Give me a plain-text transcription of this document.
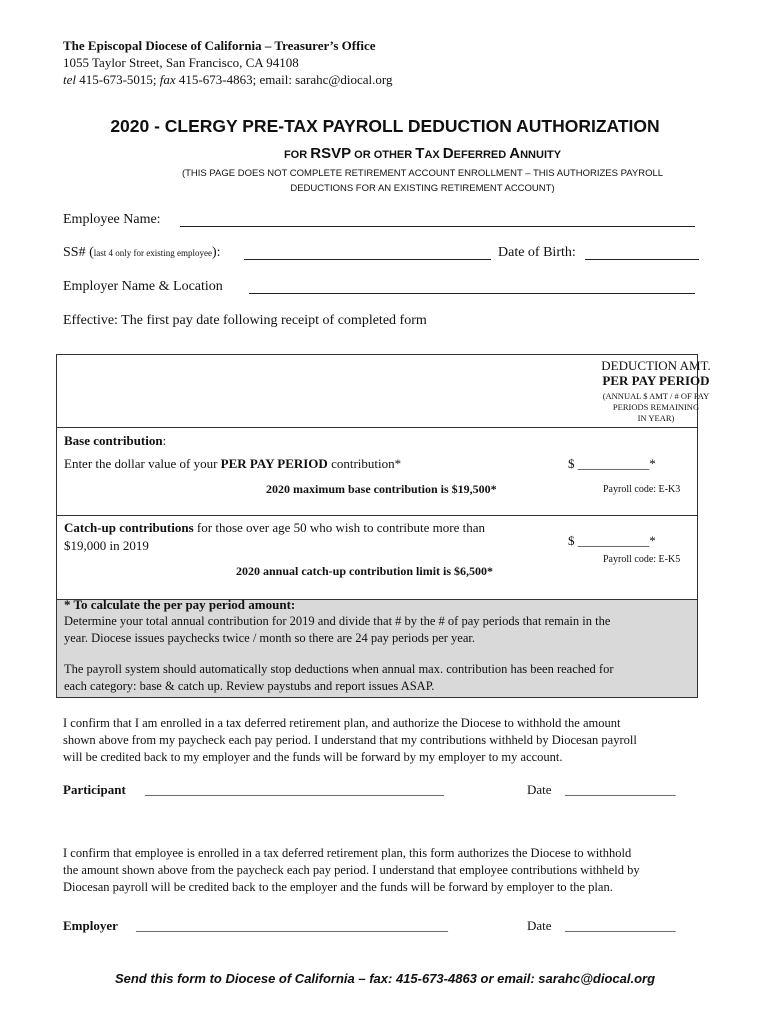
The Episcopal Diocese of California – Treasurer’s Office
1055 Taylor Street, San Francisco, CA 94108
tel 415-673-5015; fax 415-673-4863; email: sarahc@diocal.org
2020 - CLERGY PRE-TAX PAYROLL DEDUCTION AUTHORIZATION
FOR RSVP OR OTHER TAX DEFERRED ANNUITY
(THIS PAGE DOES NOT COMPLETE RETIREMENT ACCOUNT ENROLLMENT – THIS AUTHORIZES PAYROLL
DEDUCTIONS FOR AN EXISTING RETIREMENT ACCOUNT)
Employee Name:
SS# (last 4 only for existing employee):	Date of Birth:
Employer Name & Location
Effective: The first pay date following receipt of completed form
DEDUCTION AMT.
PER PAY PERIOD
(ANNUAL $ AMT / # OF PAY
PERIODS REMAINING
IN YEAR)
Base contribution:
Enter the dollar value of your PER PAY PERIOD contribution*	$ ___________*
2020 maximum base contribution is $19,500*	Payroll code: E-K3
Catch-up contributions for those over age 50 who wish to contribute more than
$19,000 in 2019	$ ___________*
Payroll code: E-K5
2020 annual catch-up contribution limit is $6,500*
* To calculate the per pay period amount:
Determine your total annual contribution for 2019 and divide that # by the # of pay periods that remain in the
year. Diocese issues paychecks twice / month so there are 24 pay periods per year.
The payroll system should automatically stop deductions when annual max. contribution has been reached for
each category: base & catch up. Review paystubs and report issues ASAP.
I confirm that I am enrolled in a tax deferred retirement plan, and authorize the Diocese to withhold the amount
shown above from my paycheck each pay period. I understand that my contributions withheld by Diocesan payroll
will be credited back to my employer and the funds will be forward by my employer to my account.
Participant ______________________________________________	Date _________________
I confirm that employee is enrolled in a tax deferred retirement plan, this form authorizes the Diocese to withhold
the amount shown above from the paycheck each pay period. I understand that employee contributions withheld by
Diocesan payroll will be credited back to the employer and the funds will be forward by employer to the plan.
Employer ________________________________________________	Date _________________
Send this form to Diocese of California – fax: 415-673-4863 or email: sarahc@diocal.org
